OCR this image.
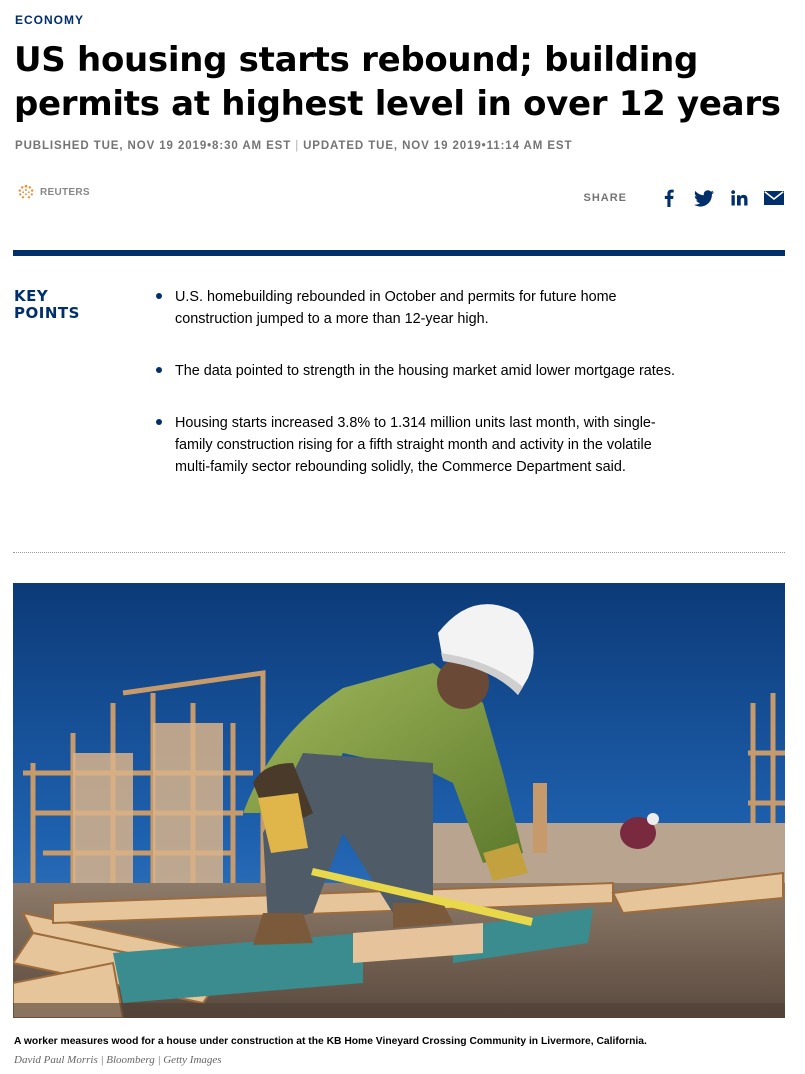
ECONOMY
US housing starts rebound; building permits at highest level in over 12 years
PUBLISHED TUE, NOV 19 2019•8:30 AM EST | UPDATED TUE, NOV 19 2019•11:14 AM EST
REUTERS	SHARE
KEY
POINTS
U.S. homebuilding rebounded in October and permits for future home construction jumped to a more than 12-year high.
The data pointed to strength in the housing market amid lower mortgage rates.
Housing starts increased 3.8% to 1.314 million units last month, with single-family construction rising for a fifth straight month and activity in the volatile multi-family sector rebounding solidly, the Commerce Department said.
A worker measures wood for a house under construction at the KB Home Vineyard Crossing Community in Livermore, California.
David Paul Morris | Bloomberg | Getty Images
